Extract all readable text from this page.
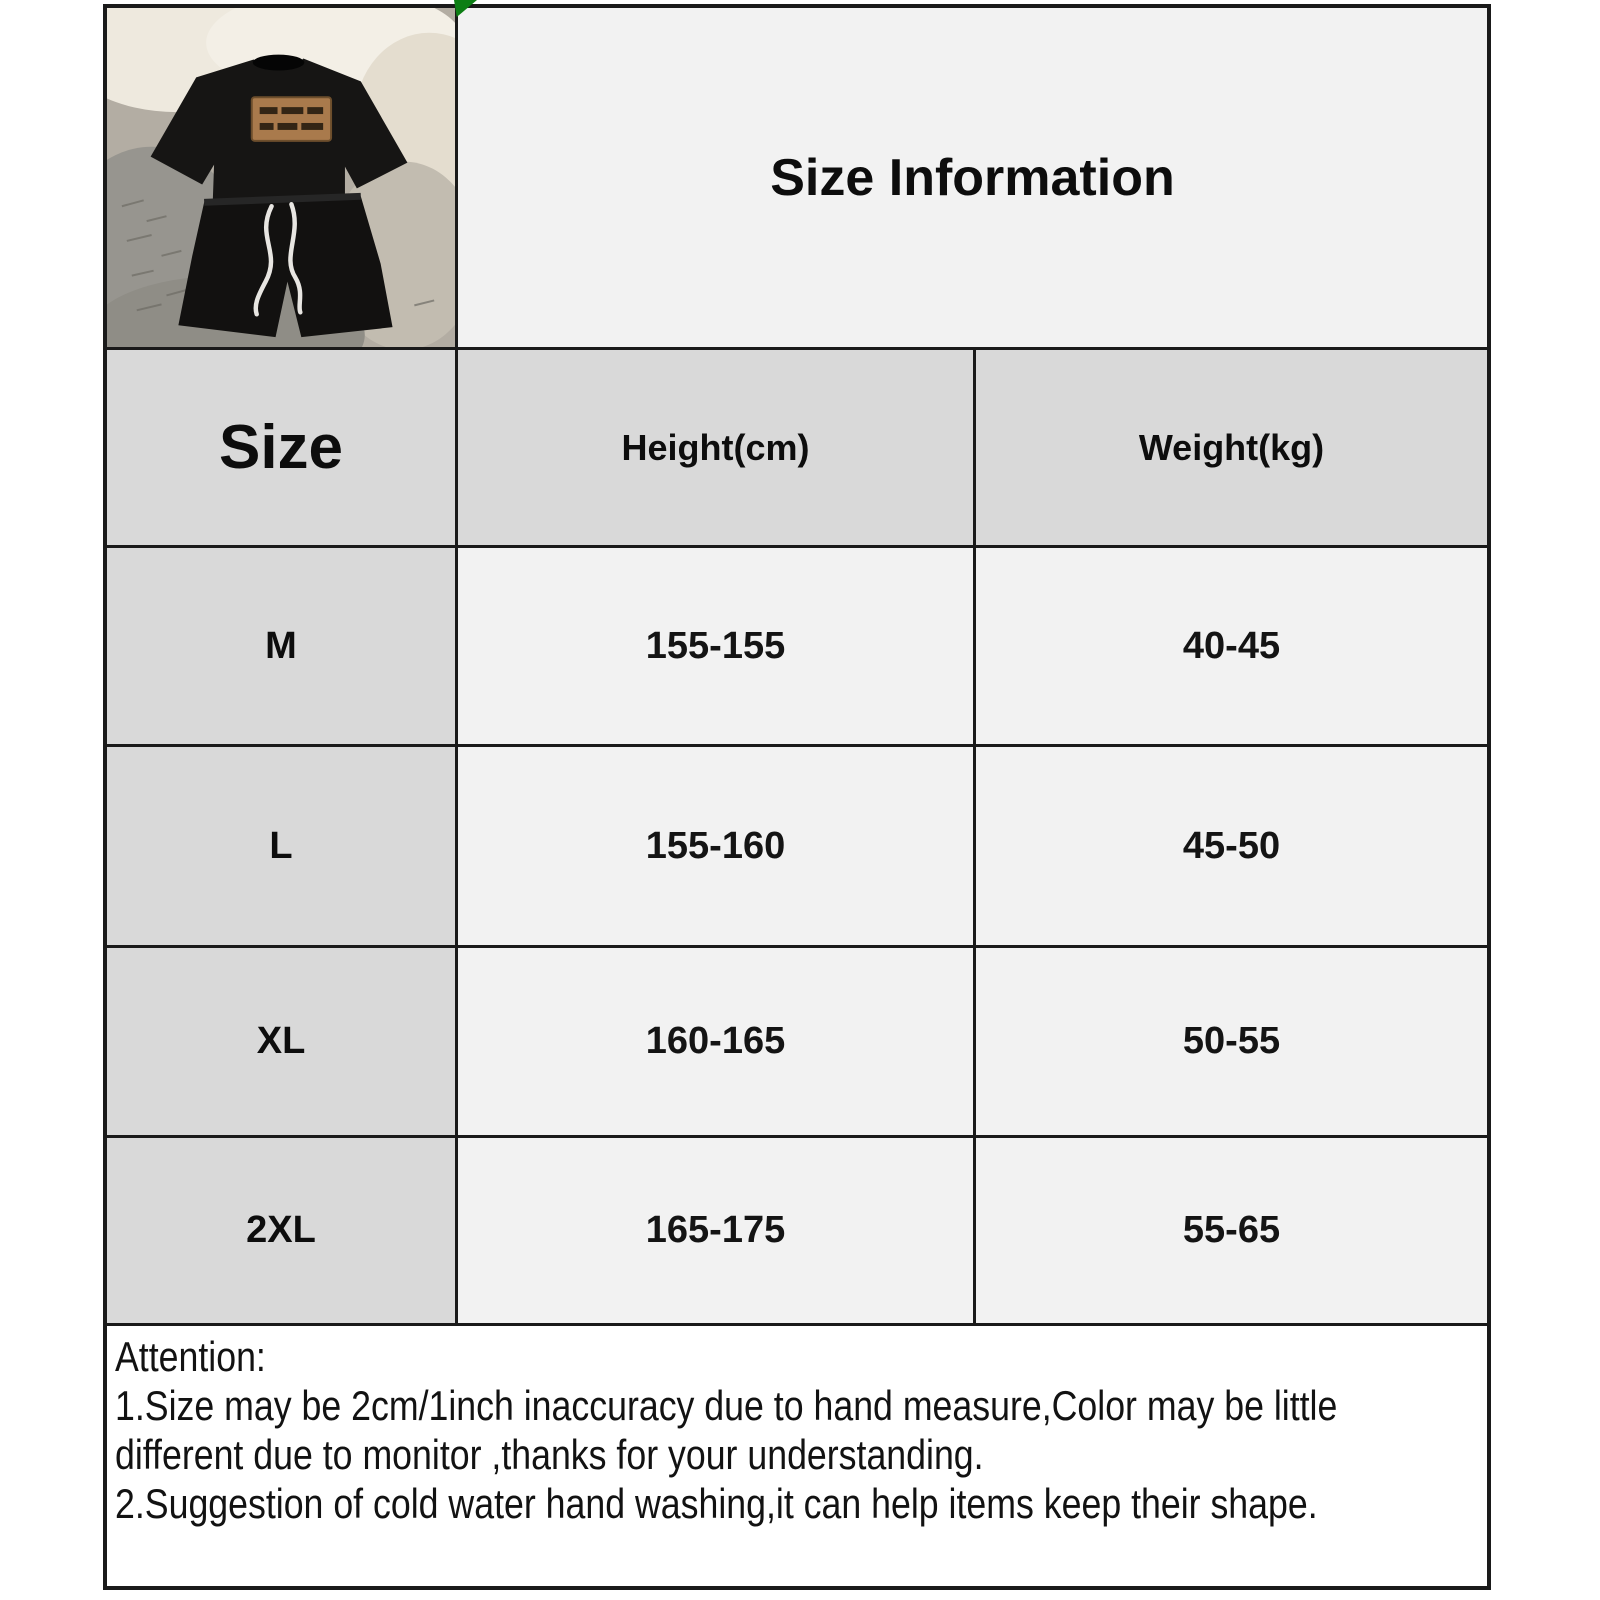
Size Information
Size	Height(cm)	Weight(kg)
M	155-155	40-45
L	155-160	45-50
XL	160-165	50-55
2XL	165-175	55-65
Attention:
1.Size may be 2cm/1inch inaccuracy due to hand measure,Color may be little
different due to monitor ,thanks for your understanding.
2.Suggestion of cold water hand washing,it can help items keep their shape.
